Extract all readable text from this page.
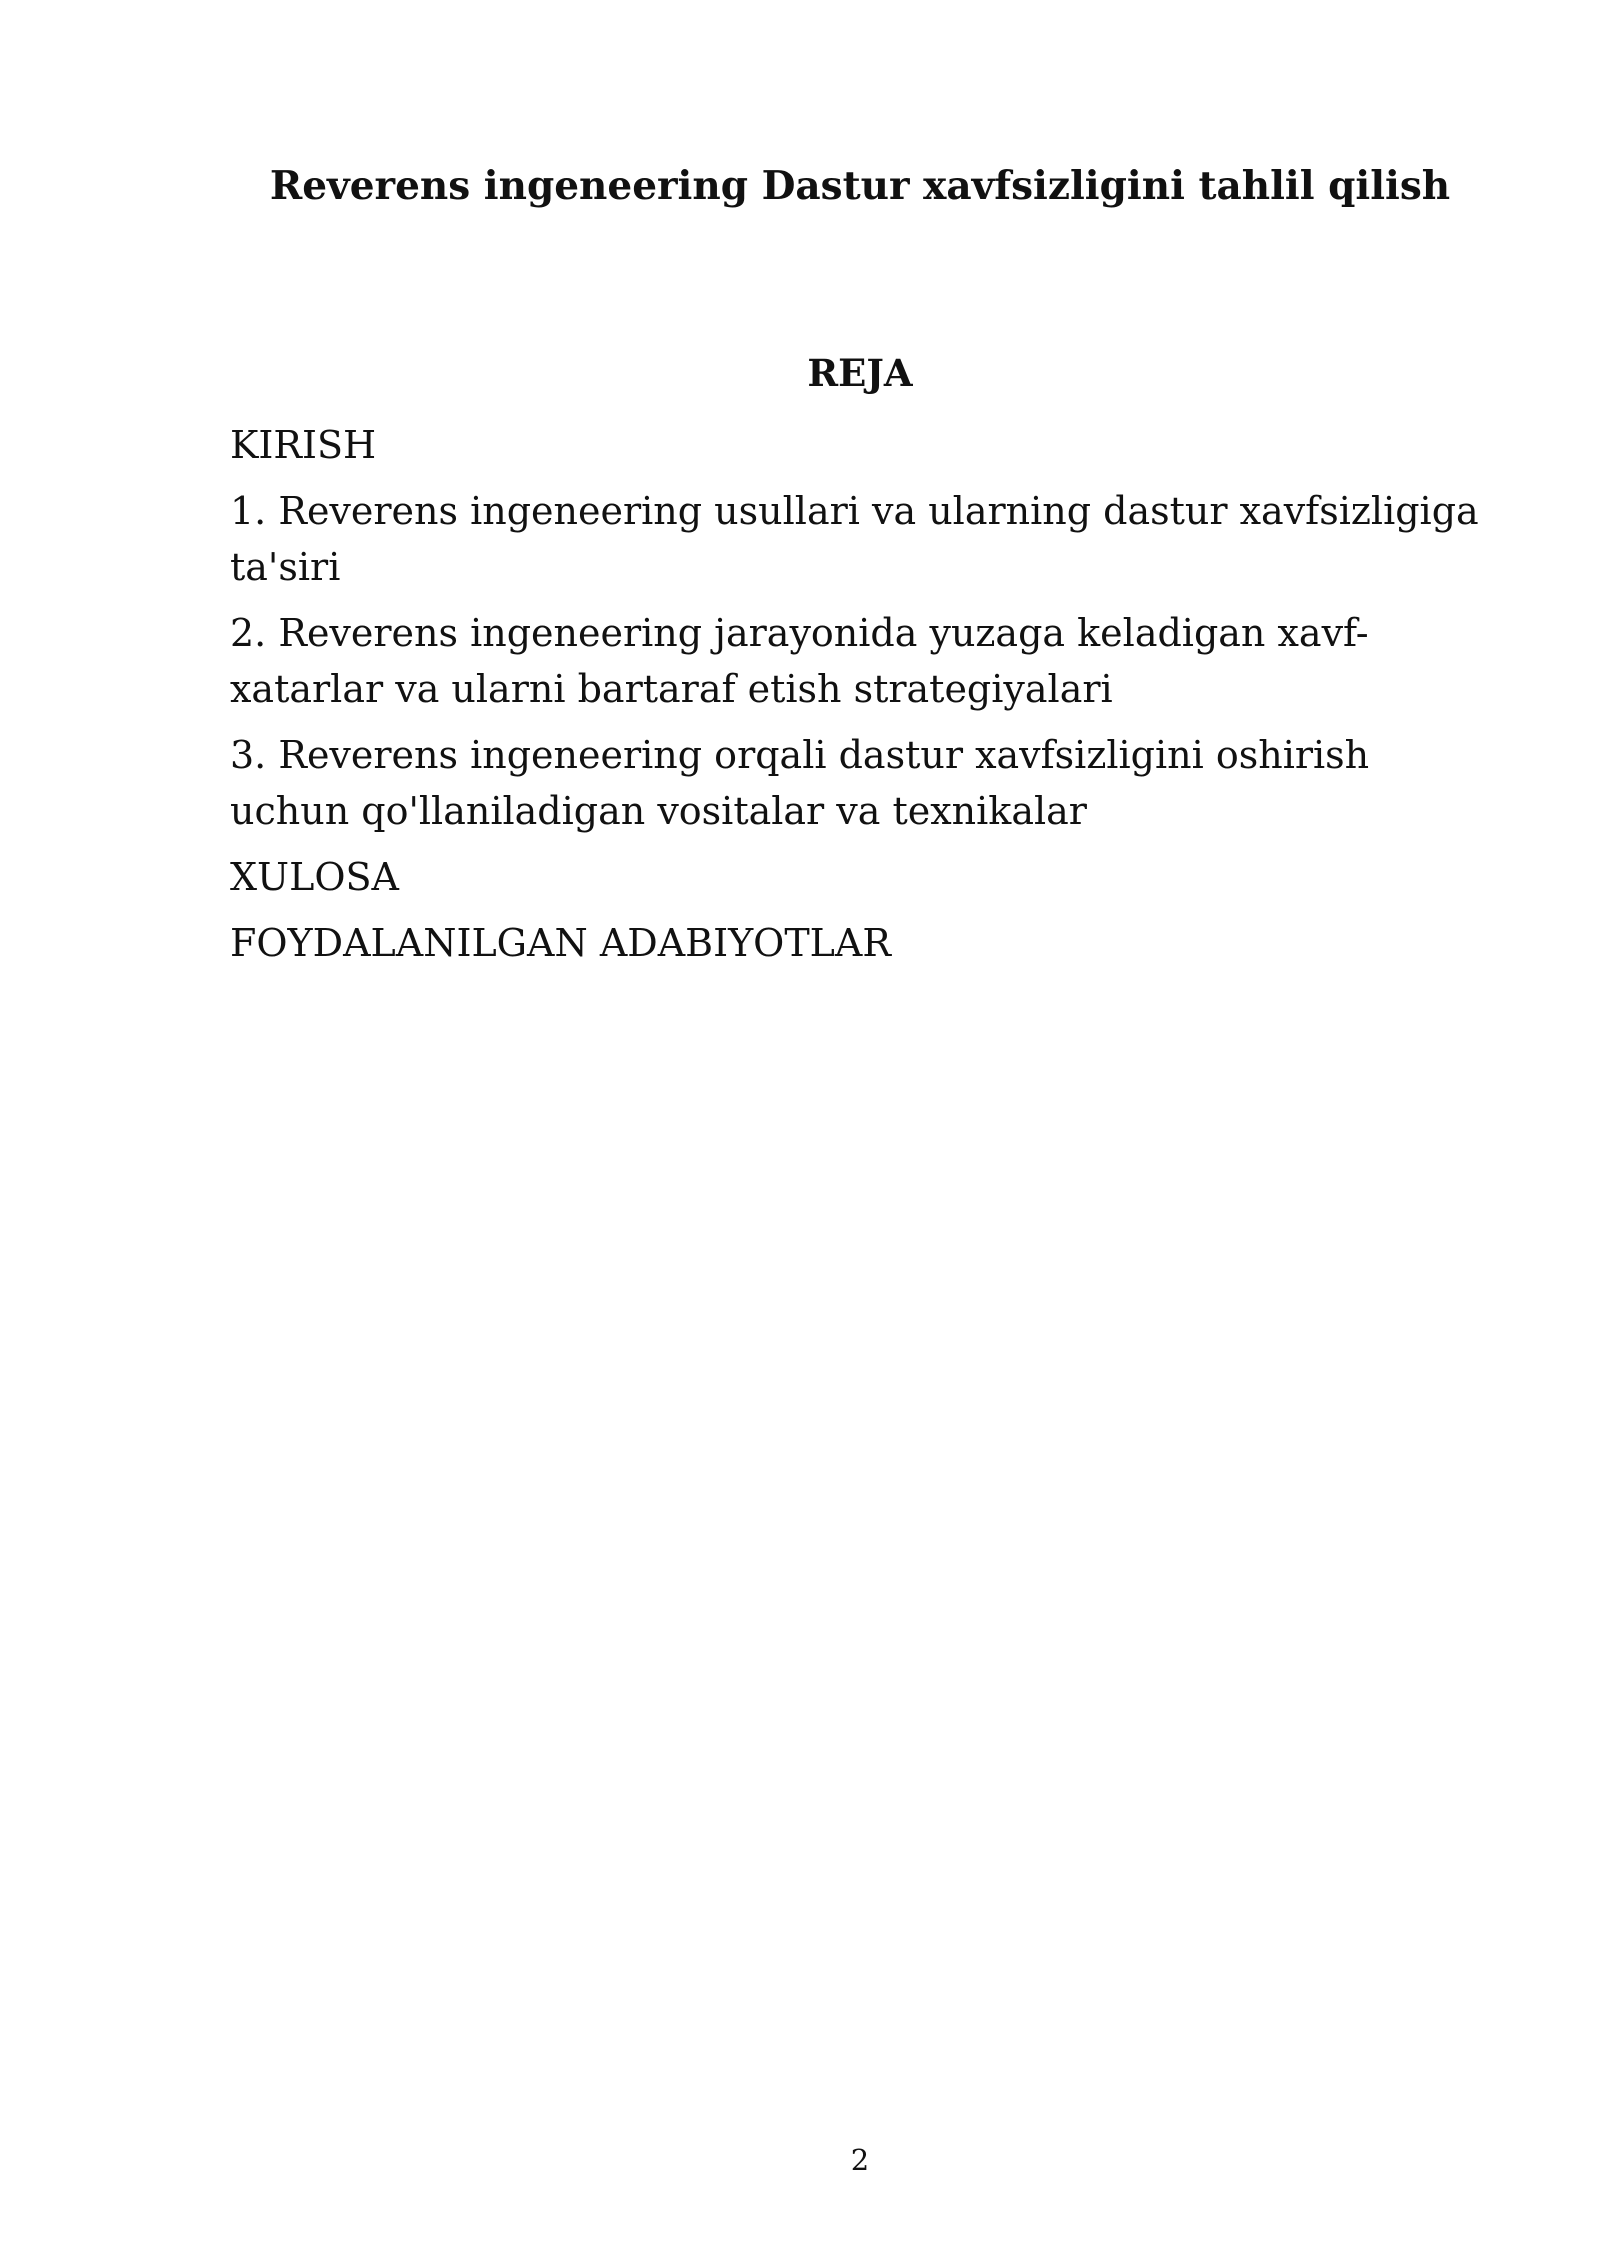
Reverens ingeneering Dastur xavfsizligini tahlil qilish
REJA
KIRISH
1. Reverens ingeneering usullari va ularning dastur xavfsizligiga ta'siri
2. Reverens ingeneering jarayonida yuzaga keladigan xavf-xatarlar va ularni bartaraf etish strategiyalari
3. Reverens ingeneering orqali dastur xavfsizligini oshirish uchun qo'llaniladigan vositalar va texnikalar
XULOSA
FOYDALANILGAN ADABIYOTLAR
2
